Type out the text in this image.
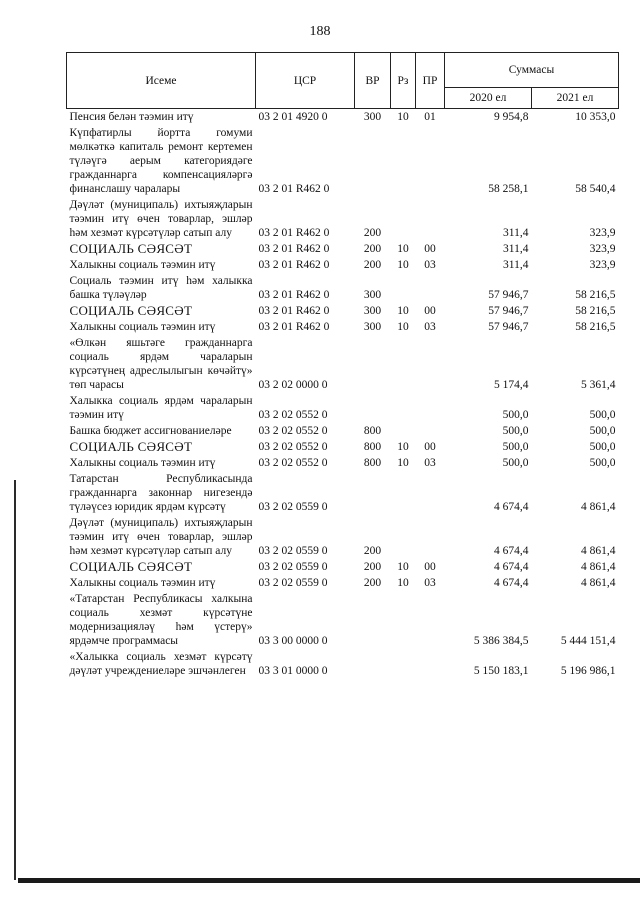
188
Исеме	ЦСР	ВР	Рз	ПР	Суммасы	
					2020 ел	2021 ел
Пенсия белән тәэмин итү	03 2 01 4920 0	300	10	01	9 954,8	10 353,0
Күпфатирлы йортта гомуми мөлкәткә капиталь ремонт кертемен түләүгә аерым категориядәге гражданнарга компенсацияләргә финанслашу чаралары	03 2 01 R462 0				58 258,1	58 540,4
Дәүләт (муниципаль) ихтыяҗларын тәэмин итү өчен товарлар, эшләр һәм хезмәт күрсәтүләр сатып алу	03 2 01 R462 0	200			311,4	323,9
СОЦИАЛЬ СӘЯСӘТ	03 2 01 R462 0	200	10	00	311,4	323,9
Халыкны социаль тәэмин итү	03 2 01 R462 0	200	10	03	311,4	323,9
Социаль тәэмин итү һәм халыкка башка түләүләр	03 2 01 R462 0	300			57 946,7	58 216,5
СОЦИАЛЬ СӘЯСӘТ	03 2 01 R462 0	300	10	00	57 946,7	58 216,5
Халыкны социаль тәэмин итү	03 2 01 R462 0	300	10	03	57 946,7	58 216,5
«Өлкән яшьтәге гражданнарга социаль ярдәм чараларын күрсәтүнең адреслылыгын көчәйтү» төп чарасы	03 2 02 0000 0				5 174,4	5 361,4
Халыкка социаль ярдәм чараларын тәэмин итү	03 2 02 0552 0				500,0	500,0
Башка бюджет ассигнованиеләре	03 2 02 0552 0	800			500,0	500,0
СОЦИАЛЬ СӘЯСӘТ	03 2 02 0552 0	800	10	00	500,0	500,0
Халыкны социаль тәэмин итү	03 2 02 0552 0	800	10	03	500,0	500,0
Татарстан Республикасында гражданнарга законнар нигезендә түләүсез юридик ярдәм күрсәтү	03 2 02 0559 0				4 674,4	4 861,4
Дәүләт (муниципаль) ихтыяҗларын тәэмин итү өчен товарлар, эшләр һәм хезмәт күрсәтүләр сатып алу	03 2 02 0559 0	200			4 674,4	4 861,4
СОЦИАЛЬ СӘЯСӘТ	03 2 02 0559 0	200	10	00	4 674,4	4 861,4
Халыкны социаль тәэмин итү	03 2 02 0559 0	200	10	03	4 674,4	4 861,4
«Татарстан Республикасы халкына социаль хезмәт күрсәтүне модернизацияләү һәм үстерү» ярдәмче программасы	03 3 00 0000 0				5 386 384,5	5 444 151,4
«Халыкка социаль хезмәт күрсәтү дәүләт учреждениеләре эшчәнлеген	03 3 01 0000 0				5 150 183,1	5 196 986,1
